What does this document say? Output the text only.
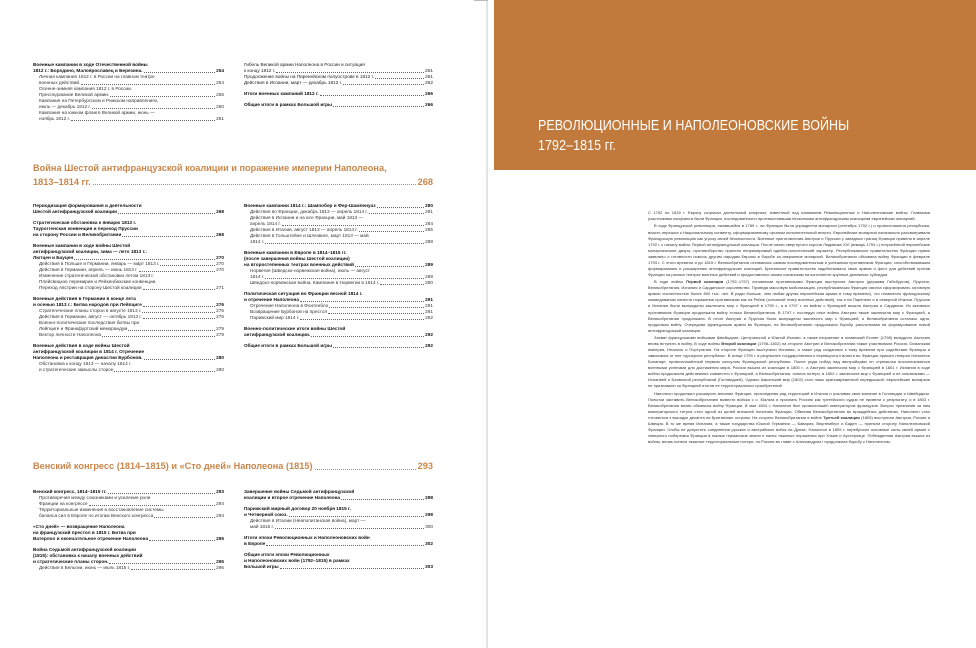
Военные кампании в ходе Отечественной войны
1812 г.: Бородино, Малоярославец и Березина.	254
Личная кампания 1812 г. в России на главном театре
военных действий.	254
Осенне-зимняя кампания 1812 г. в России.
Преследование Великой армии.	255
Кампания на Петербургском и Рижском направлениях,
июль — декабрь 1812 г.	260
Кампания на южном фланге Великой армии, июнь —
ноябрь 1812 г.	261
Гибель Великой армии Наполеона в России и ситуация
к концу 1812 г.	261
Продолжение войны на Пиренейском полуострове в 1812 г.	261
Действия в Испании, март — декабрь 1812 г.	262
Итоги военных кампаний 1812 г.	266
Общие итоги в рамках Большой игры	266
Война Шестой антифранцузской коалиции и поражение империи Наполеона,
1813–1814 гг.	268
Периодизация формирования и деятельности
Шестой антифранцузской коалиции	268
Стратегическая обстановка к январю 1813 г.
Тауроггенская конвенция и переход Пруссии
на сторону России и Великобритании	268
Военные кампании в ходе войны Шестой
антифранцузской коалиции, зима — лето 1813 г.:
Лютцен и Бауцен	270
Действия в Польше и Германии, январь — март 1813 г.	270
Действия в Германии, апрель — июнь 1813 г.	270
Изменение стратегической обстановки летом 1813 г.
Плейсвицкое перемирие и Рейхенбахские конвенции.
Переход Австрии на сторону Шестой коалиции	271
Военные действия в Германии в конце лета
и осенью 1813 г.: Битва народов при Лейпциге	276
Стратегические планы сторон в августе 1813 г.	276
Действия в Германии, август — октябрь 1813 г.	276
Военно-политические последствия битвы при
Лейпциге и Франкфуртский меморандум	279
Вектор личности Наполеона	279
Военные действия в ходе войны Шестой
антифранцузской коалиции в 1814 г. Отречение
Наполеона и реставрация династии Бурбонов.	280
Обстановка к концу 1813 — началу 1814 г.
и стратегические замыслы сторон	280
Военные кампании 1814 г.: Шампобер и Фер-Шампенуаз	280
Действия во Франции, декабрь 1813 — апрель 1814 г.	281
Действия в Испании и на юге Франции, май 1813 —
апрель 1814 г.	284
Действия в Италии, август 1813 — апрель 1814 г.	285
Действия в Гольштейне и Шлезвиге, март 1813 — май
1814 г.	288
Военные кампании в Европе в 1814–1815 гг.
(после завершения войны Шестой коалиции)
на второстепенных театрах военных действий	289
Норвегия (Шведско-норвежская война), июль — август
1814 г.	289
Шведско-норвежская война. Кампания в Норвегии в 1814 г.	290
Политическая ситуация во Франции весной 1814 г.
и отречение Наполеона	291
Отречение Наполеона в Фонтенбло	291
Возвращение Бурбонов на престол	291
Парижский мир 1814 г.	292
Военно-политические итоги войны Шестой
антифранцузской коалиции.	292
Общие итоги в рамках Большой игры	292
Венский конгресс (1814–1815) и «Сто дней» Наполеона (1815)	293
Венский конгресс, 1814–1815 гг.	293
Противоречия между союзниками и усиление роли
Франции на конгрессе	294
Территориальные изменения и восстановление системы
баланса сил в Европе по итогам Венского конгресса	294
«Сто дней» — возвращение Наполеона
на французский престол в 1815 г. Битва при
Ватерлоо и окончательное отречение Наполеона	295
Война Седьмой антифранцузской коалиции
(1815): обстановка к началу военных действий
и стратегические планы сторон.	295
Действия в Бельгии, июнь — июль 1815 г.	296
Завершение войны Седьмой антифранцузской
коалиции и второе отречение Наполеона	298
Парижский мирный договор 20 ноября 1815 г.
и Четверной союз.	298
Действия в Италии (Неаполитанская война), март —
май 1815 г.	300
Итоги эпохи Революционных и Наполеоновских войн
в Европе	302
Общие итоги эпохи Революционных
и Наполеоновских войн (1792–1815) в рамках
Большой игры	303
РЕВОЛЮЦИОННЫЕ И НАПОЛЕОНОВСКИЕ ВОЙНЫ
1792–1815 гг.

С 1792 по 1815 г. Европу сотрясал длительный конфликт, известный под названием Революционные и Наполеоновские войны. Главными участниками конфликта были Франция, последовательно противостоявшая нескольким антифранцузским коалициям европейских монархий.

В ходе Французской революции, начавшейся в 1789 г., во Франции была упразднена монархия (сентябрь 1792 г.) и провозглашена республика, власть перешла к Национальному конвенту, сформированному органом исполнительной власти. Европейские монархии изначально рассматривали Французскую революцию как угрозу своей безопасности. Военные приготовления Австрии и Пруссии у западных границ Франции привели в апреле 1792 г. к началу войны Первой антифранцузской коалиции. После казни свергнутого короля Людовика XVI (январь 1793 г.) потрясённой европейские монархические дворы, противоборство приняло непримиримый идейно-политический характер. Республиканское правительство Франции прямо заявляло о готовности помочь другим народам Европы в борьбе за свержение монархий. Великобритания объявила войну Франции в феврале 1793 г. С этого времени и до 1815 г. Великобритания оставалась самым последовательным и успешным противником Франции, способствовавшим формированию и расширению антифранцузских коалиций. Британское правительство задействовало свою армию и флот для действий против Франции на разных театрах военных действий и предоставляло своим союзникам на континенте крупные денежные субсидии.

В ходе войны Первой коалиции (1792–1797) основными противниками Франции выступили Австрия (держава Габсбургов), Пруссия, Великобритания, Испания и Сардинское королевство. Проведя массовую мобилизацию, республиканская Франция смогла сформировать огромную армию численностью более 800 тыс. чел. В ряды больше, чем любая другая европейская армия в тому времени), что позволило французскому командованию нанести поражения противникам как на Рейне (основной театр военных действий), так и на Пиренеях и в северной Италии. Пруссия и Испания были вынуждены заключить мир с Францией в 1795 г., а в 1797 г. из войны с Францией вышли Австрия и Сардиния. Из активных противников Франции продолжала войну только Великобритания. В 1797 г. исследуя опыт войны Австрия также заключила мир с Францией, а Великобритания продолжала. В итоге Австрия и Пруссия были вынуждены заключить мир с Францией, и Великобритания осталась одна, продолжая войну. Очередная французская армия во Франции, на Великобританию продолжала борьбу, рассчитывая на формирование новой антифранцузской коалиции.

Захват французскими войсками Швейцарии, Центральной и Южной Италии, а также вторжение в османский Египет (1798) вынудило Австрию вновь вступить в войну. В ходе войны Второй коалиции (1798–1802) на стороне Австрии и Великобритании также участвовали Россия, Османская империя, Неаполь и Португалия. На стороне Франции выступили Испания, а также ряд созданных к тому времени при содействии Франции и зависимых от нее «дочерних республик». В конце 1799 г. в результате государственного переворота к власти во Франции пришел генерал Наполеон Бонапарт, провозглашённый первым консулом Французской республики. После ряда побед над австрийцами он стремился воспользоваться военными успехами для достижения мира. Россия вышла из коалиции в 1800 г., а Австрия заключила мир с Францией в 1801 г. Испания в ходе войны продолжала действовать совместно с Францией, а Великобритания, понеся потери, в 1802 г. заключила мир с Францией и ее союзниками — Испанией и Батавской республикой (Голландией). Однако Амьенский мир (1802) стал лишь кратковременной передышкой: европейские монархии не признавали за Францией итогов ее территориальных приобретений.

Наполеон продолжил расширять влияние Франции, присоединяя ряд территорий в Италии и усиливая свое влияние в Голландии и Швейцарии. Попытки заставить Великобританию вывести войска с о. Мальта и признать Россию как третейского судью не привели к результату, и в 1803 г. Великобритания вновь объявила войну Франции. В мае 1804 г. Наполеон был провозглашён императором французов. Вопрос признания за ним императорского титула стал одной из целей внешней политики Франции. Обвиняя Великобританию во враждебных действиях, Наполеон стал готовиться к высадке десанта на Британские острова. На стороне Великобритании в войне Третьей коалиции (1805) выступили Австрия, Россия и Швеция. В то же время Испания, а также государства Южной Германии — Бавария, Вюртемберг и Баден — приняли сторону Наполеоновской Франции. Чтобы не допустить соединения русских и австрийских войск на Дунае, Наполеон в 1805 г. перебросил основные силы своей армии с северного побережья Франции в южные германские земли и нанес тяжелые поражения при Ульме и Аустерлице. Побежденная Австрия вышла из войны, вновь понеся тяжелые территориальные потери, но Россия во главе с Александром I продолжила борьбу с Наполеоном.
